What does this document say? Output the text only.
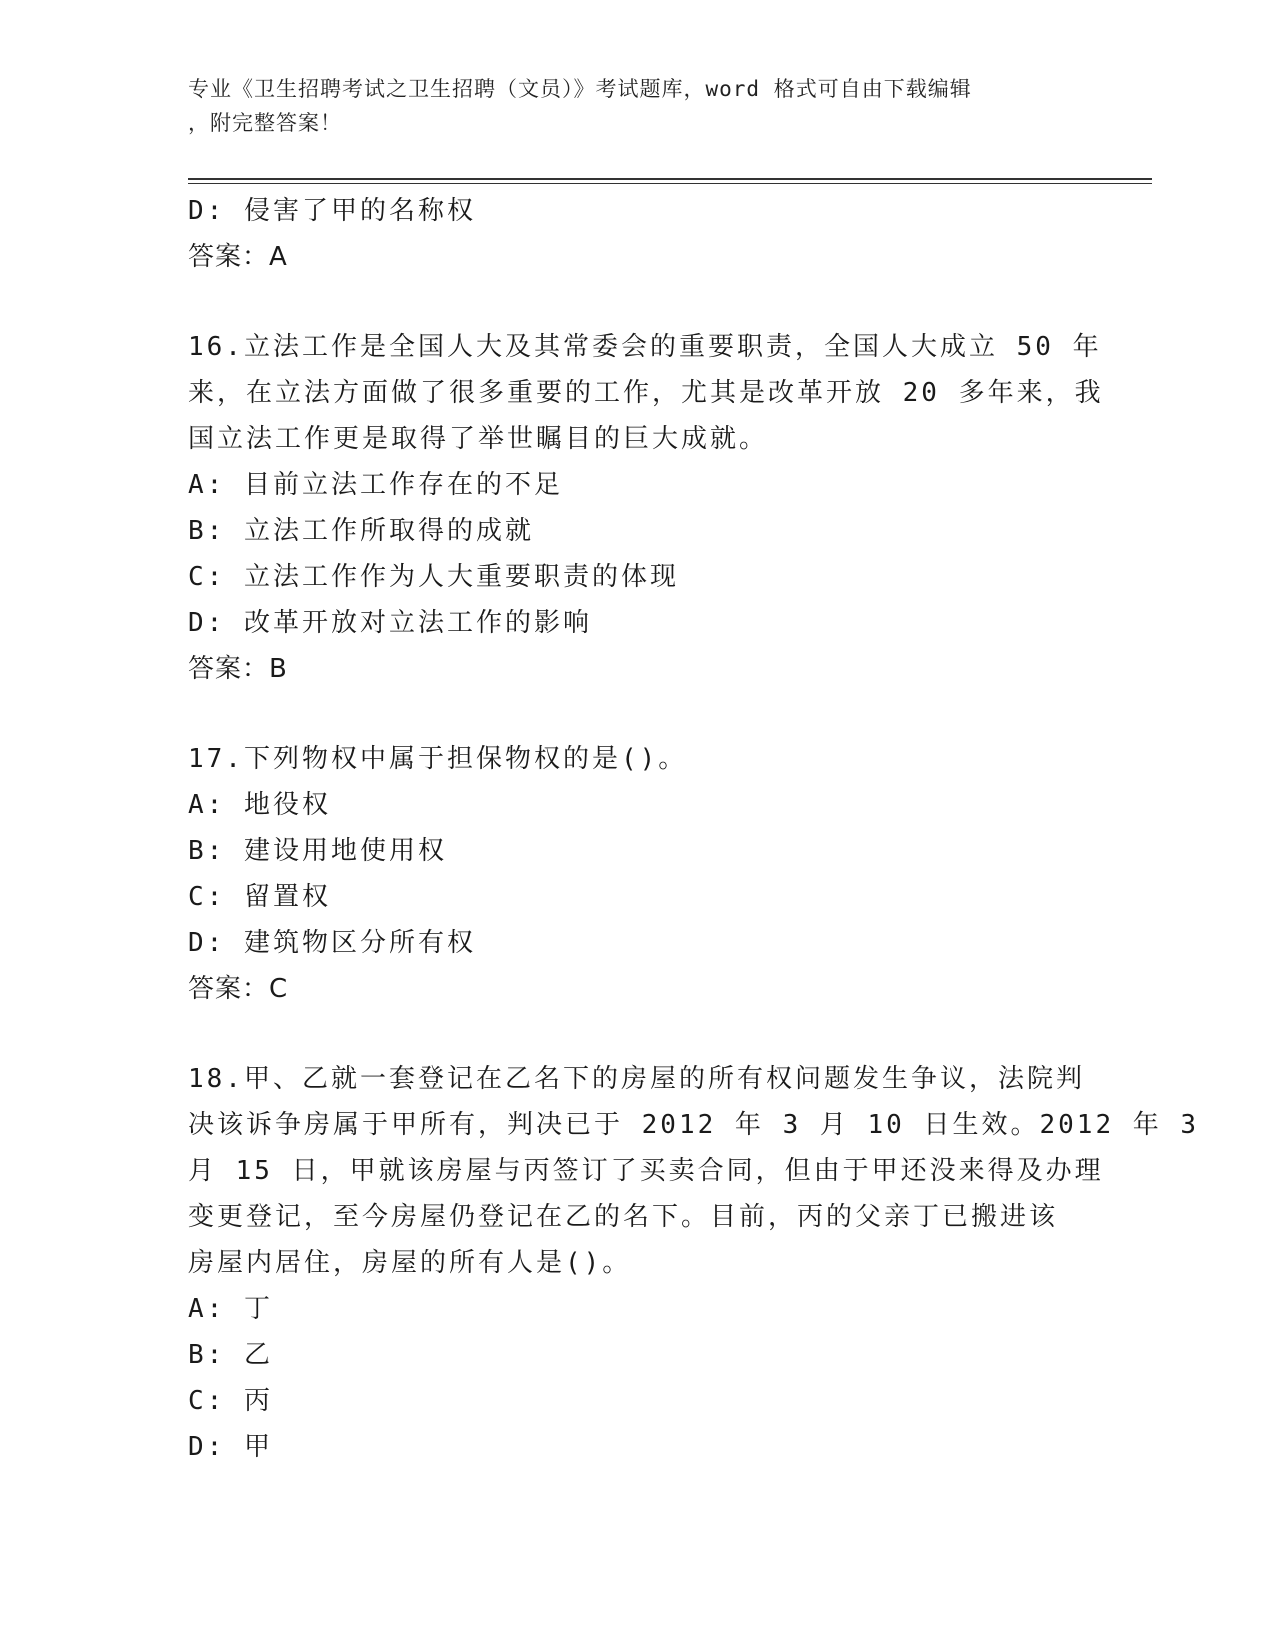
专业《卫生招聘考试之卫生招聘（文员）》考试题库，word 格式可自由下载编辑
，附完整答案！
D: 侵害了甲的名称权
答案：A
16.立法工作是全国人大及其常委会的重要职责，全国人大成立 50 年
来，在立法方面做了很多重要的工作，尤其是改革开放 20 多年来，我
国立法工作更是取得了举世瞩目的巨大成就。
A: 目前立法工作存在的不足
B: 立法工作所取得的成就
C: 立法工作作为人大重要职责的体现
D: 改革开放对立法工作的影响
答案：B
17.下列物权中属于担保物权的是()。
A: 地役权
B: 建设用地使用权
C: 留置权
D: 建筑物区分所有权
答案：C
18.甲、乙就一套登记在乙名下的房屋的所有权问题发生争议，法院判
决该诉争房属于甲所有，判决已于 2012 年 3 月 10 日生效。2012 年 3
月 15 日，甲就该房屋与丙签订了买卖合同，但由于甲还没来得及办理
变更登记，至今房屋仍登记在乙的名下。目前，丙的父亲丁已搬进该
房屋内居住，房屋的所有人是()。
A: 丁
B: 乙
C: 丙
D: 甲
